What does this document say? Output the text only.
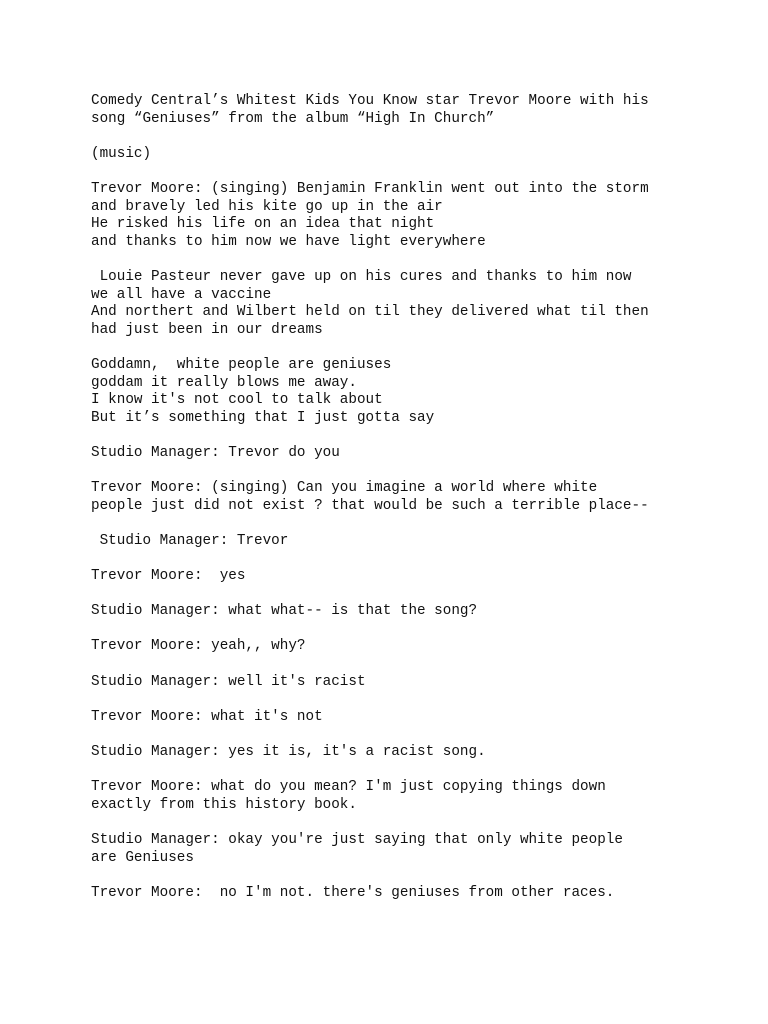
Comedy Central’s Whitest Kids You Know star Trevor Moore with his
song “Geniuses” from the album “High In Church”
(music)
Trevor Moore: (singing) Benjamin Franklin went out into the storm
and bravely led his kite go up in the air
He risked his life on an idea that night
and thanks to him now we have light everywhere
Louie Pasteur never gave up on his cures and thanks to him now
we all have a vaccine
And northert and Wilbert held on til they delivered what til then
had just been in our dreams
Goddamn,  white people are geniuses
goddam it really blows me away.
I know it's not cool to talk about
But it’s something that I just gotta say
Studio Manager: Trevor do you
Trevor Moore: (singing) Can you imagine a world where white
people just did not exist ? that would be such a terrible place--
Studio Manager: Trevor
Trevor Moore:  yes
Studio Manager: what what-- is that the song?
Trevor Moore: yeah,, why?
Studio Manager: well it's racist
Trevor Moore: what it's not
Studio Manager: yes it is, it's a racist song.
Trevor Moore: what do you mean? I'm just copying things down
exactly from this history book.
Studio Manager: okay you're just saying that only white people
are Geniuses
Trevor Moore:  no I'm not. there's geniuses from other races.
